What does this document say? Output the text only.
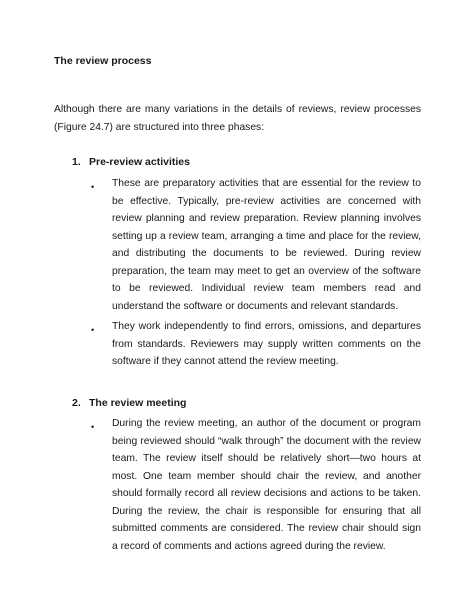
The review process
Although there are many variations in the details of reviews, review processes (Figure 24.7) are structured into three phases:
1. Pre-review activities
• These are preparatory activities that are essential for the review to be effective. Typically, pre-review activities are concerned with review planning and review preparation. Review planning involves setting up a review team, arranging a time and place for the review, and distributing the documents to be reviewed. During review preparation, the team may meet to get an overview of the software to be reviewed. Individual review team members read and understand the software or documents and relevant standards.
• They work independently to find errors, omissions, and departures from standards. Reviewers may supply written comments on the software if they cannot attend the review meeting.
2. The review meeting
• During the review meeting, an author of the document or program being reviewed should “walk through” the document with the review team. The review itself should be relatively short—two hours at most. One team member should chair the review, and another should formally record all review decisions and actions to be taken. During the review, the chair is responsible for ensuring that all submitted comments are considered. The review chair should sign a record of comments and actions agreed during the review.
